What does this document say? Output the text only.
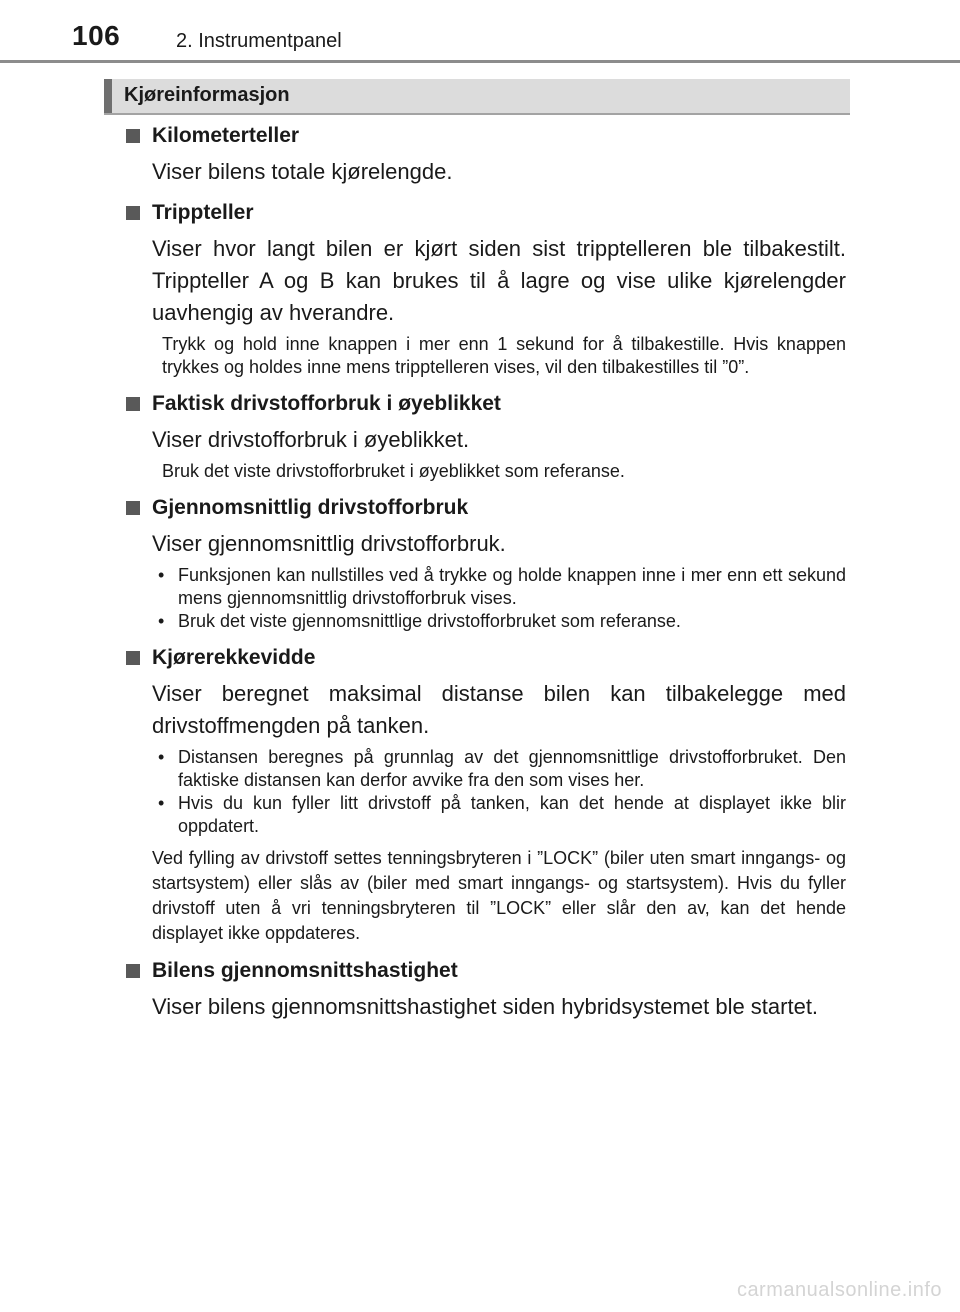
106	2. Instrumentpanel
Kjøreinformasjon
Kilometerteller
Viser bilens totale kjørelengde.
Trippteller
Viser hvor langt bilen er kjørt siden sist tripptelleren ble tilbakestilt. Trippteller A og B kan brukes til å lagre og vise ulike kjørelengder uavhengig av hverandre.
Trykk og hold inne knappen i mer enn 1 sekund for å tilbakestille. Hvis knappen trykkes og holdes inne mens tripptelleren vises, vil den tilbakestilles til ”0”.
Faktisk drivstofforbruk i øyeblikket
Viser drivstofforbruk i øyeblikket.
Bruk det viste drivstofforbruket i øyeblikket som referanse.
Gjennomsnittlig drivstofforbruk
Viser gjennomsnittlig drivstofforbruk.
• Funksjonen kan nullstilles ved å trykke og holde knappen inne i mer enn ett sekund mens gjennomsnittlig drivstofforbruk vises.
• Bruk det viste gjennomsnittlige drivstofforbruket som referanse.
Kjørerekkevidde
Viser beregnet maksimal distanse bilen kan tilbakelegge med drivstoffmengden på tanken.
• Distansen beregnes på grunnlag av det gjennomsnittlige drivstofforbruket. Den faktiske distansen kan derfor avvike fra den som vises her.
• Hvis du kun fyller litt drivstoff på tanken, kan det hende at displayet ikke blir oppdatert.
Ved fylling av drivstoff settes tenningsbryteren i ”LOCK” (biler uten smart inngangs- og startsystem) eller slås av (biler med smart inngangs- og startsystem). Hvis du fyller drivstoff uten å vri tenningsbryteren til ”LOCK” eller slår den av, kan det hende displayet ikke oppdateres.
Bilens gjennomsnittshastighet
Viser bilens gjennomsnittshastighet siden hybridsystemet ble startet.
carmanualsonline.info
